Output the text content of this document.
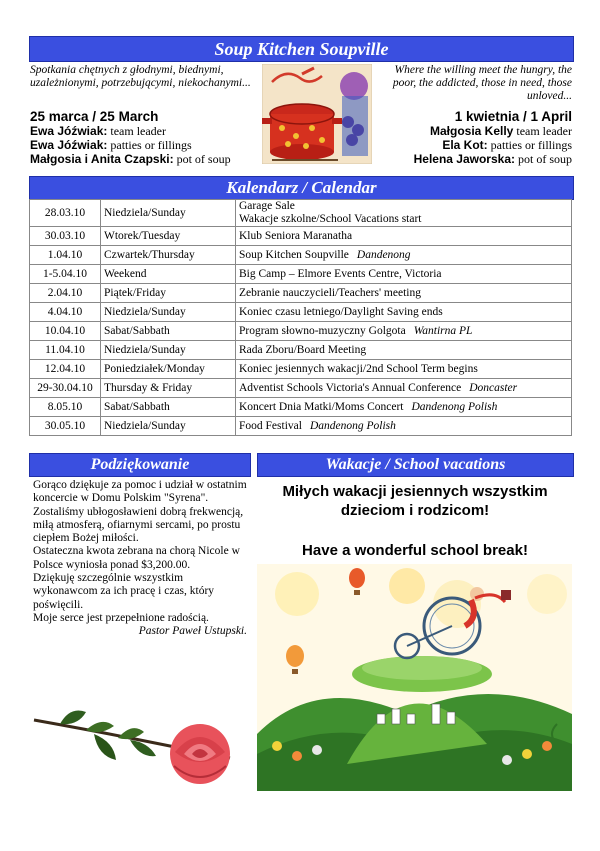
Soup Kitchen Soupville
Spotkania chętnych z głodnymi, biednymi, uzależnionymi, potrzebującymi, niekochanymi...
Where the willing meet the hungry, the poor, the addicted, those in need, those unloved...
25 marca / 25 March
Ewa Jóźwiak: team leader
Ewa Jóźwiak: patties or fillings
Małgosia i Anita Czapski: pot of soup
1 kwietnia / 1 April
Małgosia Kelly team leader
Ela Kot: patties or fillings
Helena Jaworska: pot of soup
Kalendarz / Calendar
28.03.10	Niedziela/Sunday	Garage Sale
Wakacje szkolne/School Vacations start

30.03.10	Wtorek/Tuesday	Klub Seniora Maranatha
1.04.10	Czwartek/Thursday	Soup Kitchen Soupville Dandenong
1-5.04.10	Weekend	Big Camp – Elmore Events Centre, Victoria
2.04.10	Piątek/Friday	Zebranie nauczycieli/Teachers' meeting
4.04.10	Niedziela/Sunday	Koniec czasu letniego/Daylight Saving ends
10.04.10	Sabat/Sabbath	Program słowno-muzyczny Golgota Wantirna PL
11.04.10	Niedziela/Sunday	Rada Zboru/Board Meeting
12.04.10	Poniedziałek/Monday	Koniec jesiennych wakacji/2nd School Term begins
29-30.04.10	Thursday & Friday	Adventist Schools Victoria's Annual Conference Doncaster
8.05.10	Sabat/Sabbath	Koncert Dnia Matki/Moms Concert Dandenong Polish
30.05.10	Niedziela/Sunday	Food Festival Dandenong Polish
Podziękowanie

Gorąco dziękuje za pomoc i udział w ostatnim koncercie w Domu Polskim "Syrena".

Zostaliśmy ubłogosławieni dobrą frekwencją, miłą atmosferą, ofiarnymi sercami, po prostu ciepłem Bożej miłości.

Ostateczna kwota zebrana na chorą Nicole w Polsce wyniosła ponad $3,200.00.

Dziękuję szczególnie wszystkim wykonawcom za ich pracę i czas, który poświęcili.

Moje serce jest przepełnione radością.

Pastor Paweł Ustupski.

Wakacje / School vacations
Miłych wakacji jesiennych wszystkim dzieciom i rodzicom!
Have a wonderful school break!
